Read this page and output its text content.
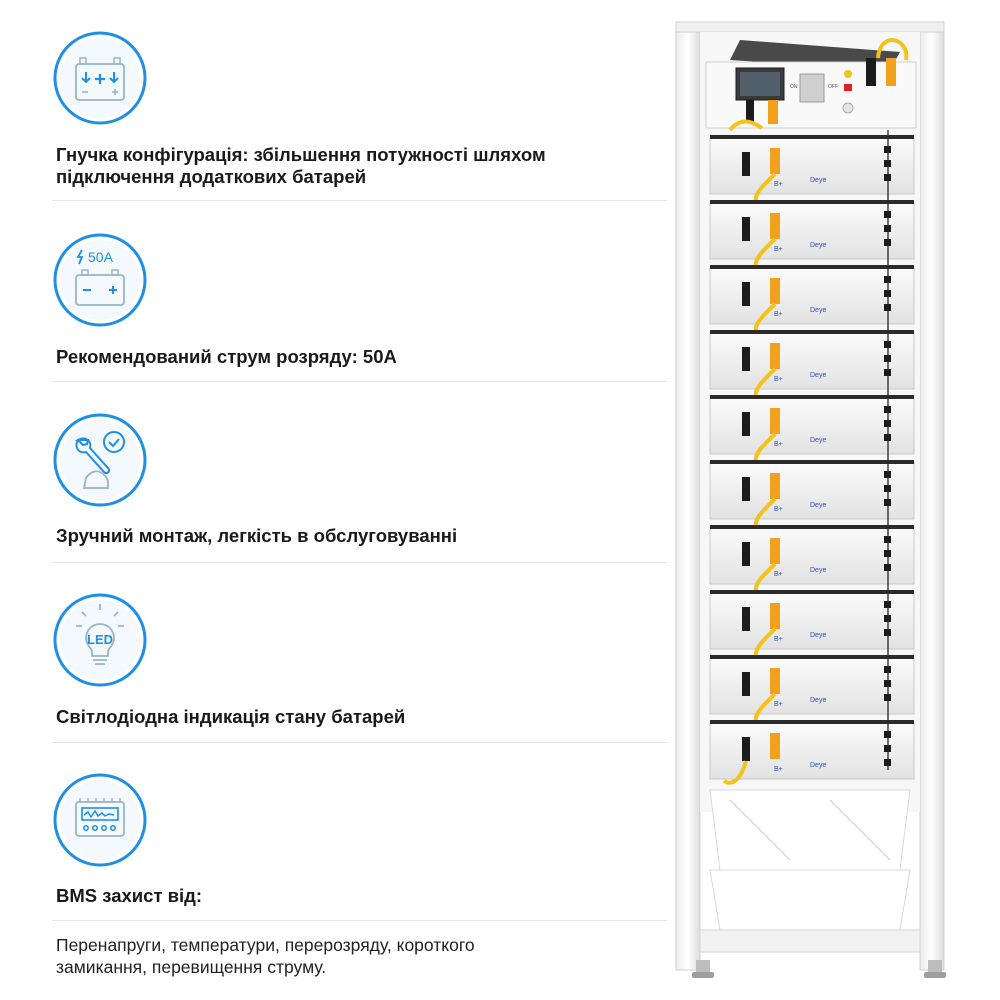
Гнучка конфігурація: збільшення потужності шляхом
підключення додаткових батарей
50A
Рекомендований струм розряду: 50А
Зручний монтаж, легкість в обслуговуванні
LED
Світлодіодна індикація стану батарей
BMS захист від:
Перенапруги, температури, перерозряду, короткого
замикання, перевищення струму.
ON	OFF
B+
Deye
B+
Deye
B+
Deye
B+
Deye
B+
Deye
B+
Deye
B+
Deye
B+
Deye
B+
Deye
B+
Deye
